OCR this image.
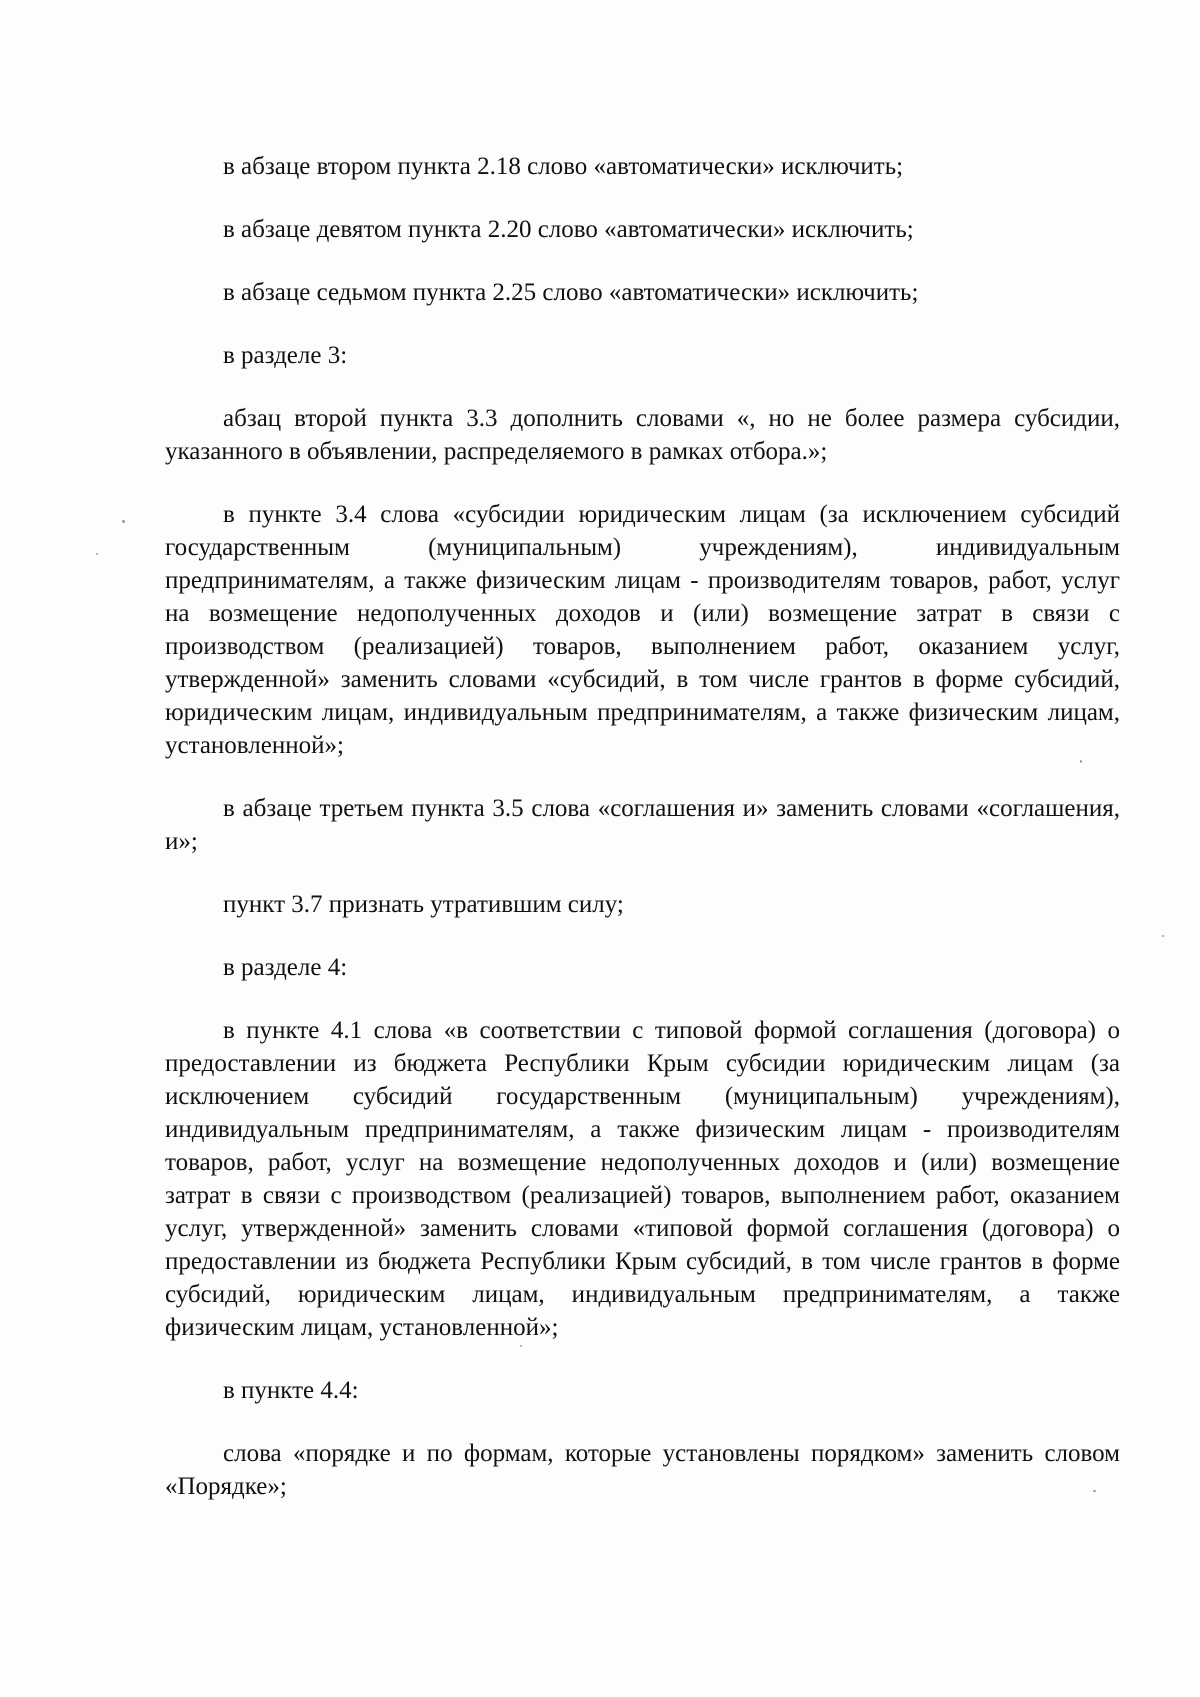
в абзаце втором пункта 2.18 слово «автоматически» исключить;

в абзаце девятом пункта 2.20 слово «автоматически» исключить;

в абзаце седьмом пункта 2.25 слово «автоматически» исключить;

в разделе 3:

абзац второй пункта 3.3 дополнить словами «, но не более размера субсидии, указанного в объявлении, распределяемого в рамках отбора.»;

в пункте 3.4 слова «субсидии юридическим лицам (за исключением субсидий государственным (муниципальным) учреждениям), индивидуальным предпринимателям, а также физическим лицам - производителям товаров, работ, услуг на возмещение недополученных доходов и (или) возмещение затрат в связи с производством (реализацией) товаров, выполнением работ, оказанием услуг, утвержденной» заменить словами «субсидий, в том числе грантов в форме субсидий, юридическим лицам, индивидуальным предпринимателям, а также физическим лицам, установленной»;

в абзаце третьем пункта 3.5 слова «соглашения и» заменить словами «соглашения, и»;

пункт 3.7 признать утратившим силу;

в разделе 4:

в пункте 4.1 слова «в соответствии с типовой формой соглашения (договора) о предоставлении из бюджета Республики Крым субсидии юридическим лицам (за исключением субсидий государственным (муниципальным) учреждениям), индивидуальным предпринимателям, а также физическим лицам - производителям товаров, работ, услуг на возмещение недополученных доходов и (или) возмещение затрат в связи с производством (реализацией) товаров, выполнением работ, оказанием услуг, утвержденной» заменить словами «типовой формой соглашения (договора) о предоставлении из бюджета Республики Крым субсидий, в том числе грантов в форме субсидий, юридическим лицам, индивидуальным предпринимателям, а также физическим лицам, установленной»;

в пункте 4.4:

слова «порядке и по формам, которые установлены порядком» заменить словом «Порядке»;
